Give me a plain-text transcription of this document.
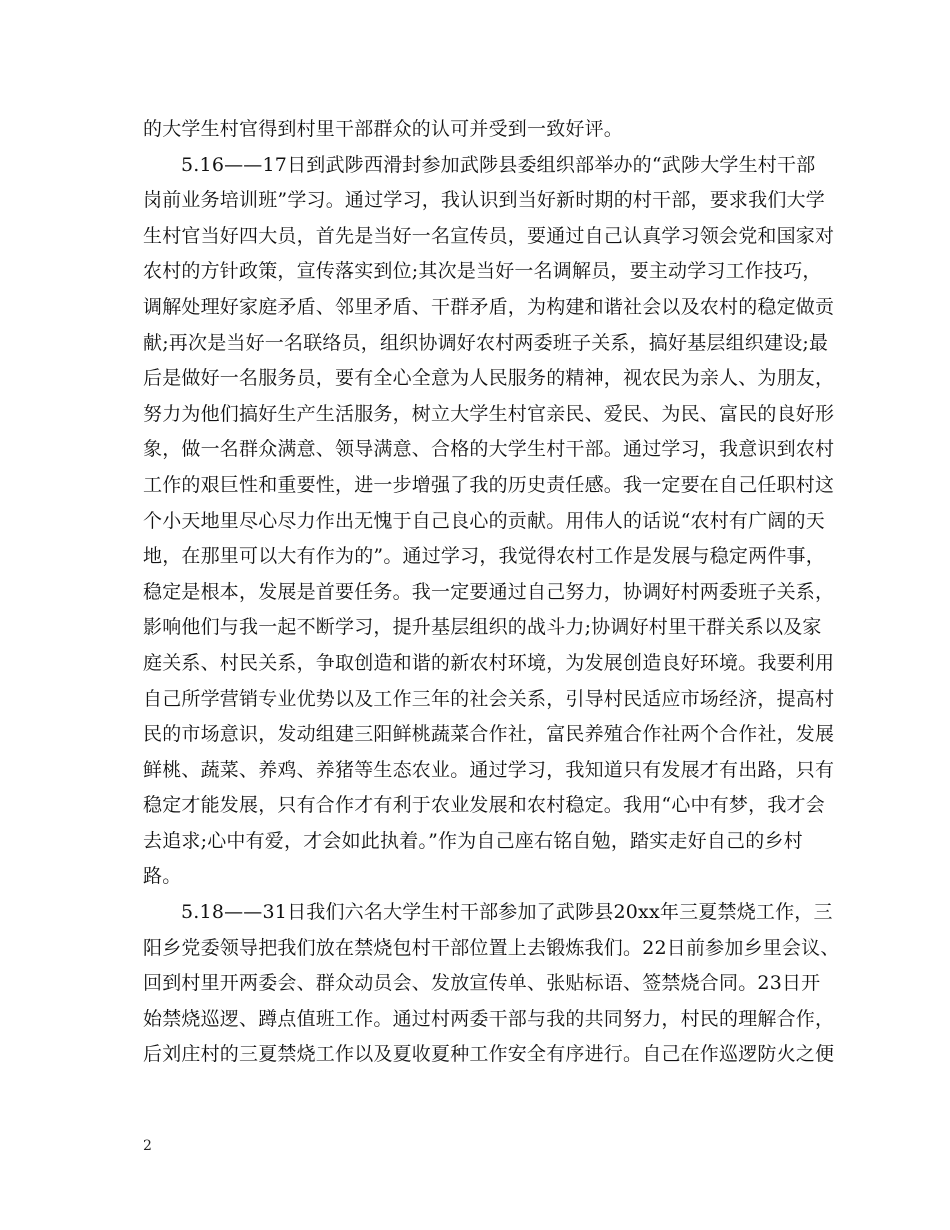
的大学生村官得到村里干部群众的认可并受到一致好评。
5.16——17日到武陟西滑封参加武陟县委组织部举办的“武陟大学生村干部
岗前业务培训班”学习。通过学习，我认识到当好新时期的村干部，要求我们大学
生村官当好四大员，首先是当好一名宣传员，要通过自己认真学习领会党和国家对
农村的方针政策，宣传落实到位;其次是当好一名调解员，要主动学习工作技巧，
调解处理好家庭矛盾、邻里矛盾、干群矛盾，为构建和谐社会以及农村的稳定做贡
献;再次是当好一名联络员，组织协调好农村两委班子关系，搞好基层组织建设;最
后是做好一名服务员，要有全心全意为人民服务的精神，视农民为亲人、为朋友，
努力为他们搞好生产生活服务，树立大学生村官亲民、爱民、为民、富民的良好形
象，做一名群众满意、领导满意、合格的大学生村干部。通过学习，我意识到农村
工作的艰巨性和重要性，进一步增强了我的历史责任感。我一定要在自己任职村这
个小天地里尽心尽力作出无愧于自己良心的贡献。用伟人的话说“农村有广阔的天
地，在那里可以大有作为的”。通过学习，我觉得农村工作是发展与稳定两件事，
稳定是根本，发展是首要任务。我一定要通过自己努力，协调好村两委班子关系，
影响他们与我一起不断学习，提升基层组织的战斗力;协调好村里干群关系以及家
庭关系、村民关系，争取创造和谐的新农村环境，为发展创造良好环境。我要利用
自己所学营销专业优势以及工作三年的社会关系，引导村民适应市场经济，提高村
民的市场意识，发动组建三阳鲜桃蔬菜合作社，富民养殖合作社两个合作社，发展
鲜桃、蔬菜、养鸡、养猪等生态农业。通过学习，我知道只有发展才有出路，只有
稳定才能发展，只有合作才有利于农业发展和农村稳定。我用“心中有梦，我才会
去追求;心中有爱，才会如此执着。”作为自己座右铭自勉，踏实走好自己的乡村
路。
5.18——31日我们六名大学生村干部参加了武陟县20xx年三夏禁烧工作，三
阳乡党委领导把我们放在禁烧包村干部位置上去锻炼我们。22日前参加乡里会议、
回到村里开两委会、群众动员会、发放宣传单、张贴标语、签禁烧合同。23日开
始禁烧巡逻、蹲点值班工作。通过村两委干部与我的共同努力，村民的理解合作，
后刘庄村的三夏禁烧工作以及夏收夏种工作安全有序进行。自己在作巡逻防火之便
2
